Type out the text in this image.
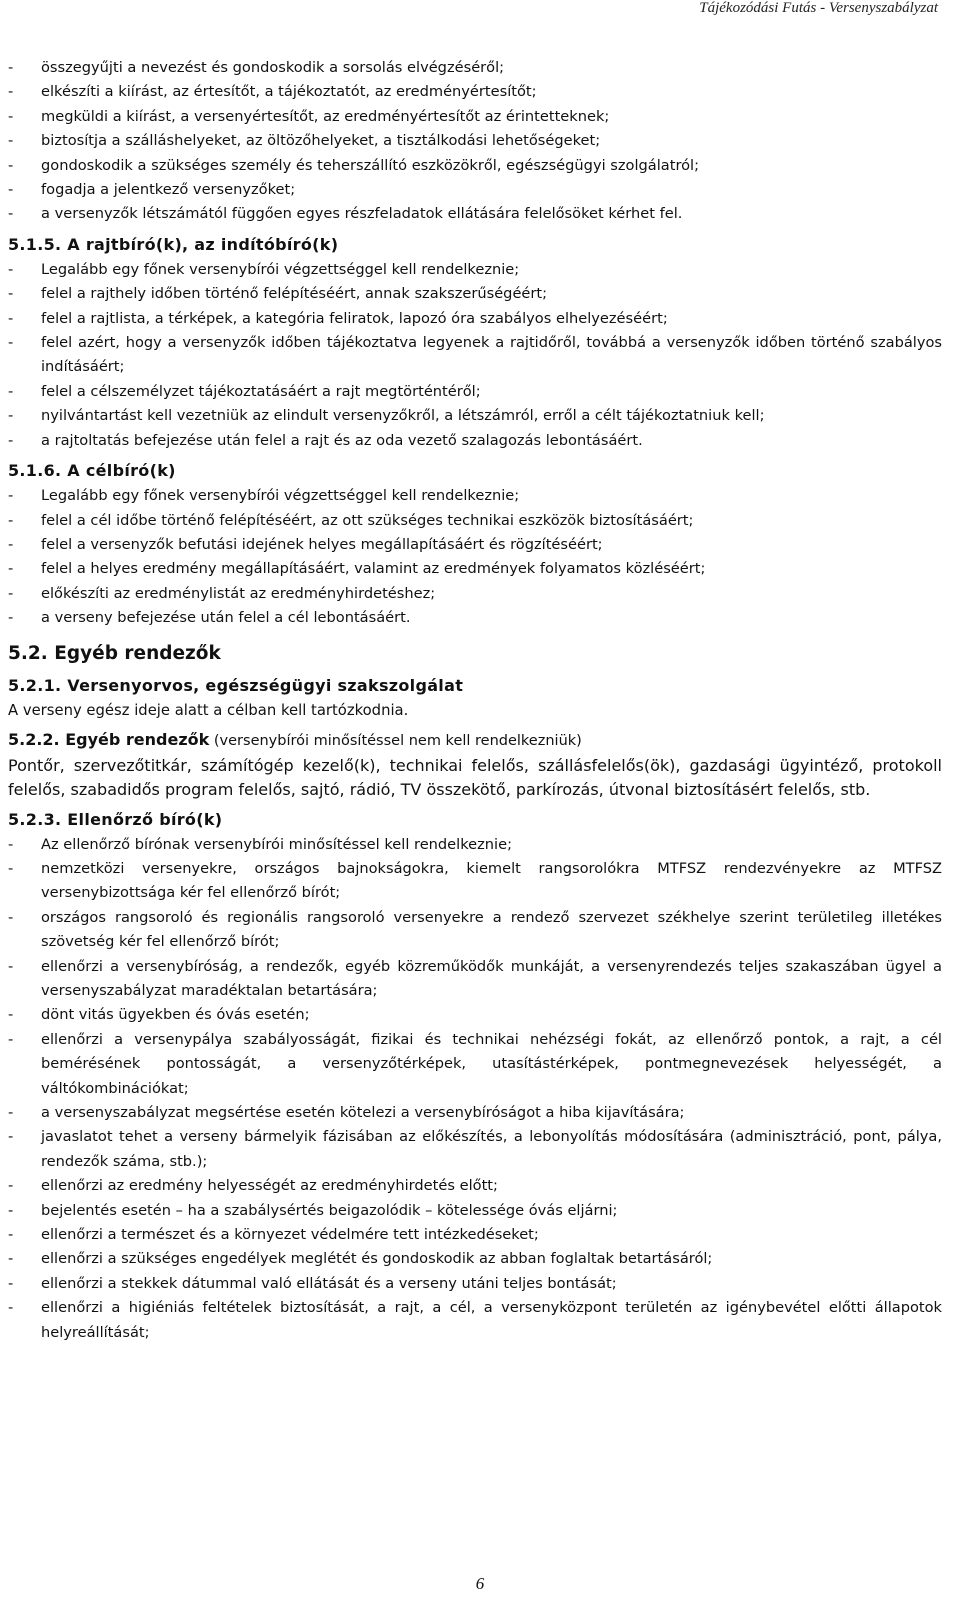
Tájékozódási Futás - Versenyszabályzat
- összegyűjti a nevezést és gondoskodik a sorsolás elvégzéséről;
- elkészíti a kiírást, az értesítőt, a tájékoztatót, az eredményértesítőt;
- megküldi a kiírást, a versenyértesítőt, az eredményértesítőt az érintetteknek;
- biztosítja a szálláshelyeket, az öltözőhelyeket, a tisztálkodási lehetőségeket;
- gondoskodik a szükséges személy és teherszállító eszközökről, egészségügyi szolgálatról;
- fogadja a jelentkező versenyzőket;
- a versenyzők létszámától függően egyes részfeladatok ellátására felelősöket kérhet fel.
5.1.5. A rajtbíró(k), az indítóbíró(k)
- Legalább egy főnek versenybírói végzettséggel kell rendelkeznie;
- felel a rajthely időben történő felépítéséért, annak szakszerűségéért;
- felel a rajtlista, a térképek, a kategória feliratok, lapozó óra szabályos elhelyezéséért;
- felel azért, hogy a versenyzők időben tájékoztatva legyenek a rajtidőről, továbbá a versenyzők időben történő szabályos indításáért;
- felel a célszemélyzet tájékoztatásáért a rajt megtörténtéről;
- nyilvántartást kell vezetniük az elindult versenyzőkről, a létszámról, erről a célt tájékoztatniuk kell;
- a rajtoltatás befejezése után felel a rajt és az oda vezető szalagozás lebontásáért.
5.1.6. A célbíró(k)
- Legalább egy főnek versenybírói végzettséggel kell rendelkeznie;
- felel a cél időbe történő felépítéséért, az ott szükséges technikai eszközök biztosításáért;
- felel a versenyzők befutási idejének helyes megállapításáért és rögzítéséért;
- felel a helyes eredmény megállapításáért, valamint az eredmények folyamatos közléséért;
- előkészíti az eredménylistát az eredményhirdetéshez;
- a verseny befejezése után felel a cél lebontásáért.
5.2. Egyéb rendezők
5.2.1. Versenyorvos, egészségügyi szakszolgálat
A verseny egész ideje alatt a célban kell tartózkodnia.
5.2.2. Egyéb rendezők (versenybírói minősítéssel nem kell rendelkezniük)
Pontőr, szervezőtitkár, számítógép kezelő(k), technikai felelős, szállásfelelős(ök), gazdasági ügyintéző, protokoll felelős, szabadidős program felelős, sajtó, rádió, TV összekötő, parkírozás, útvonal biztosításért felelős, stb.
5.2.3. Ellenőrző bíró(k)
- Az ellenőrző bírónak versenybírói minősítéssel kell rendelkeznie;
- nemzetközi versenyekre, országos bajnokságokra, kiemelt rangsorolókra MTFSZ rendezvényekre az MTFSZ versenybizottsága kér fel ellenőrző bírót;
- országos rangsoroló és regionális rangsoroló versenyekre a rendező szervezet székhelye szerint területileg illetékes szövetség kér fel ellenőrző bírót;
- ellenőrzi a versenybíróság, a rendezők, egyéb közreműködők munkáját, a versenyrendezés teljes szakaszában ügyel a versenyszabályzat maradéktalan betartására;
- dönt vitás ügyekben és óvás esetén;
- ellenőrzi a versenypálya szabályosságát, fizikai és technikai nehézségi fokát, az ellenőrző pontok, a rajt, a cél bemérésének pontosságát, a versenyzőtérképek, utasítástérképek, pontmegnevezések helyességét, a váltókombinációkat;
- a versenyszabályzat megsértése esetén kötelezi a versenybíróságot a hiba kijavítására;
- javaslatot tehet a verseny bármelyik fázisában az előkészítés, a lebonyolítás módosítására (adminisztráció, pont, pálya, rendezők száma, stb.);
- ellenőrzi az eredmény helyességét az eredményhirdetés előtt;
- bejelentés esetén – ha a szabálysértés beigazolódik – kötelessége óvás eljárni;
- ellenőrzi a természet és a környezet védelmére tett intézkedéseket;
- ellenőrzi a szükséges engedélyek meglétét és gondoskodik az abban foglaltak betartásáról;
- ellenőrzi a stekkek dátummal való ellátását és a verseny utáni teljes bontását;
- ellenőrzi a higiéniás feltételek biztosítását, a rajt, a cél, a versenyközpont területén az igénybevétel előtti állapotok helyreállítását;
6
